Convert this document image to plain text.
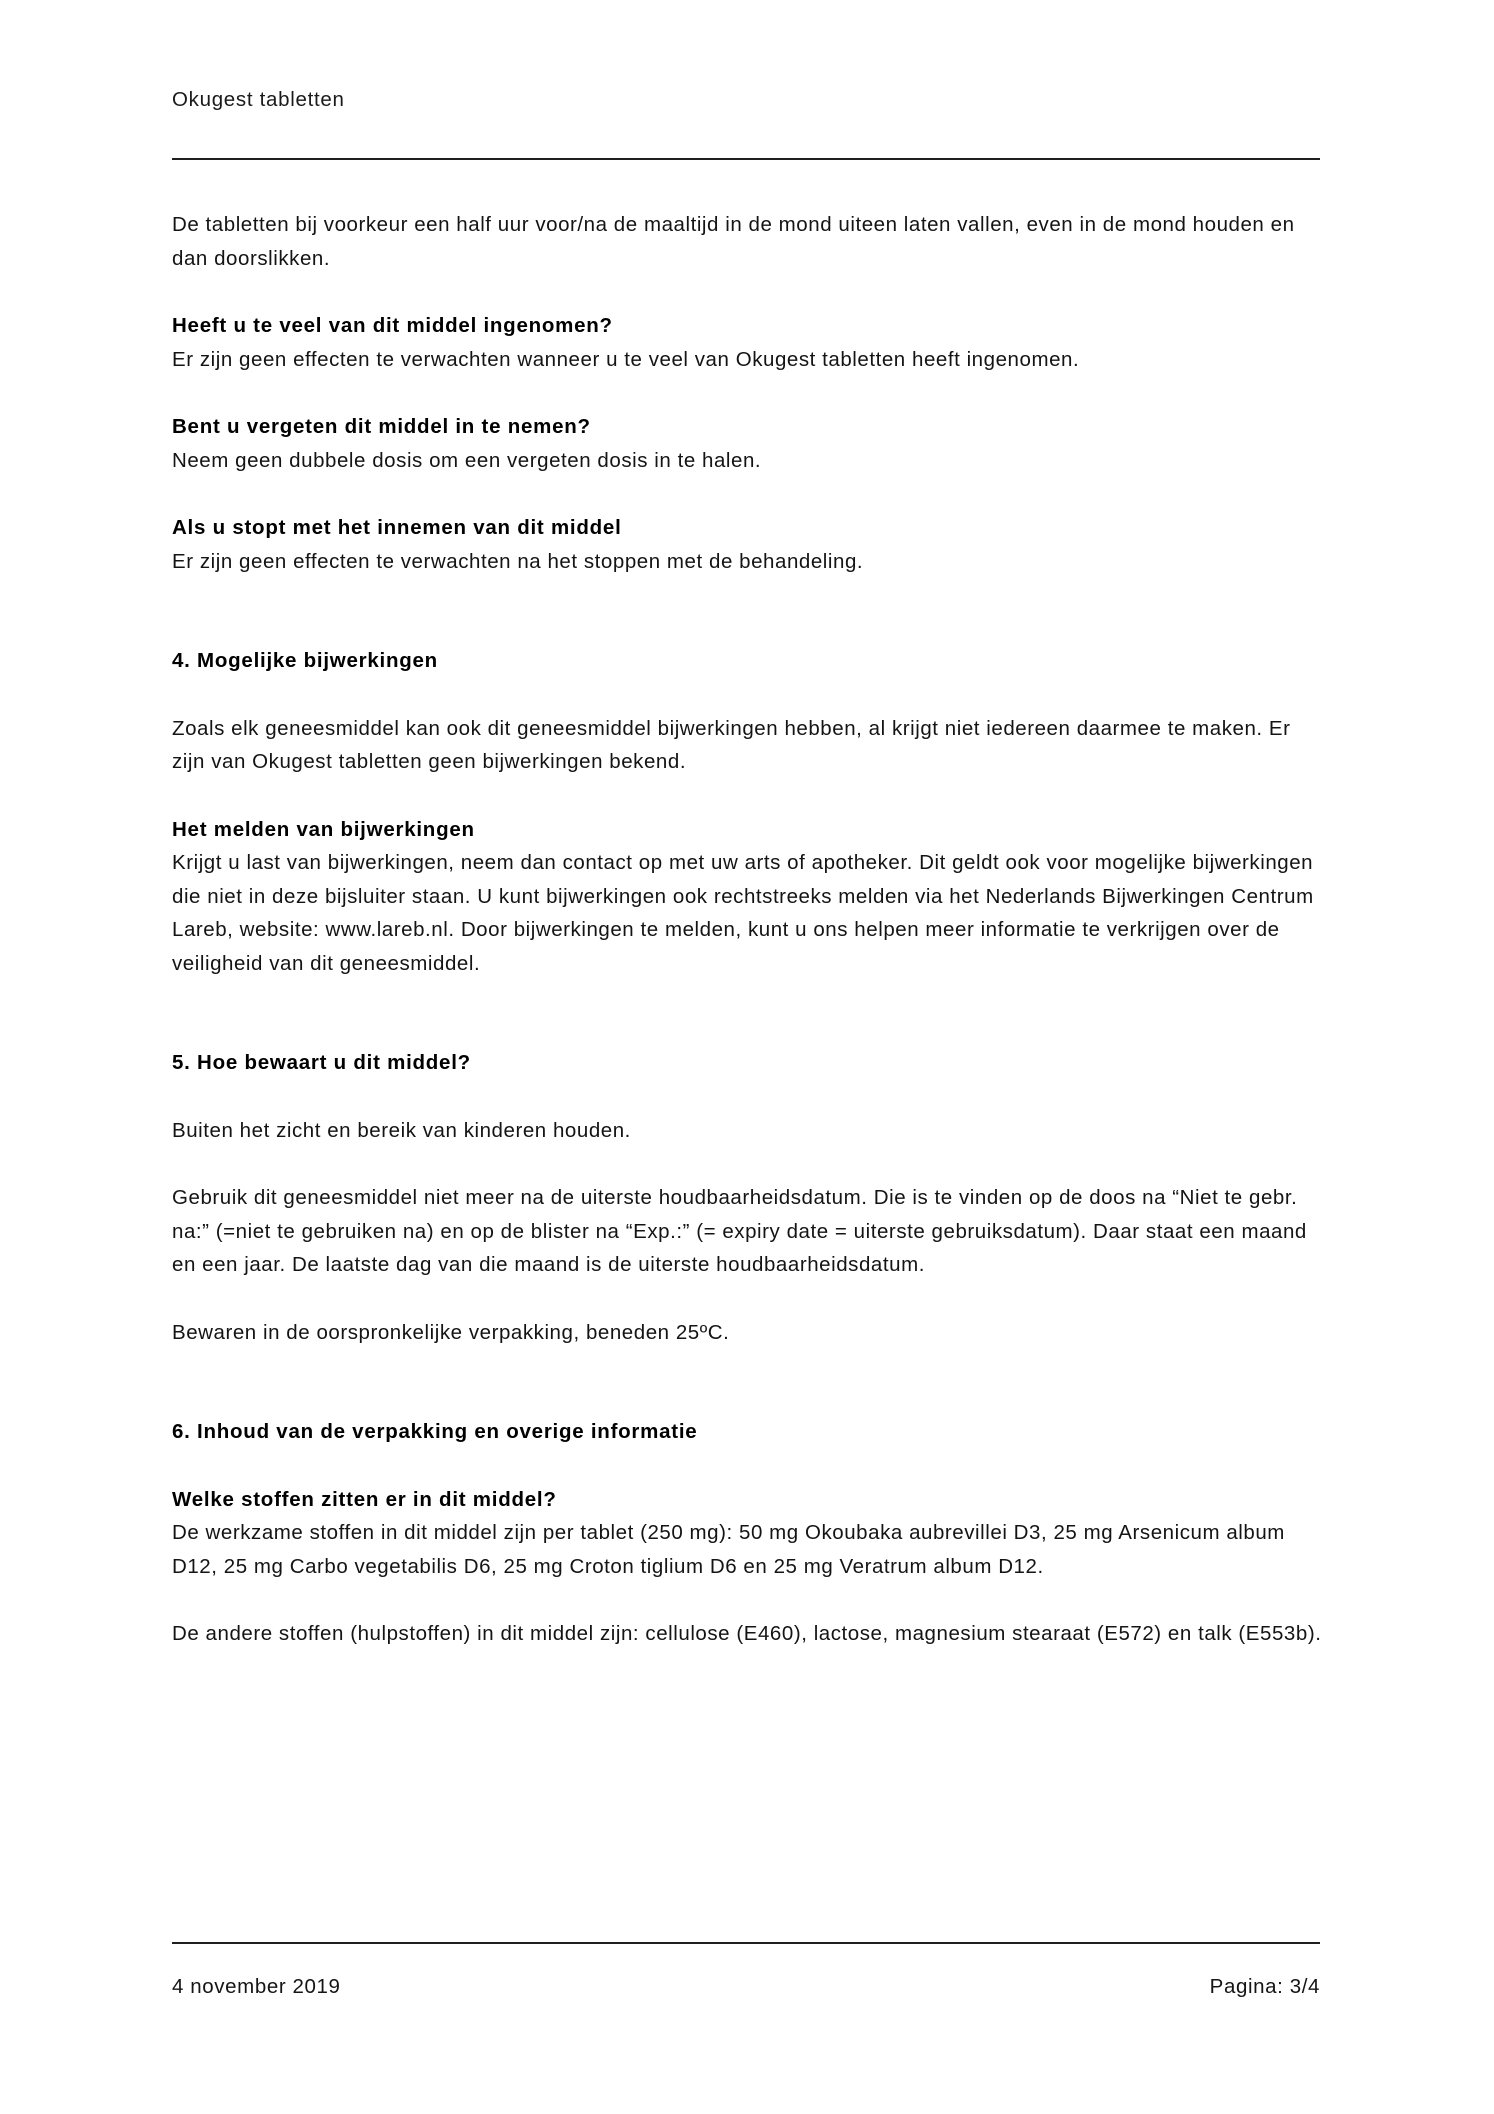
Okugest tabletten

De tabletten bij voorkeur een half uur voor/na de maaltijd in de mond uiteen laten vallen, even in de mond houden en dan doorslikken.

Heeft u te veel van dit middel ingenomen?

Er zijn geen effecten te verwachten wanneer u te veel van Okugest tabletten heeft ingenomen.

Bent u vergeten dit middel in te nemen?

Neem geen dubbele dosis om een vergeten dosis in te halen.

Als u stopt met het innemen van dit middel

Er zijn geen effecten te verwachten na het stoppen met de behandeling.

4. Mogelijke bijwerkingen

Zoals elk geneesmiddel kan ook dit geneesmiddel bijwerkingen hebben, al krijgt niet iedereen daarmee te maken. Er zijn van Okugest tabletten geen bijwerkingen bekend.

Het melden van bijwerkingen

Krijgt u last van bijwerkingen, neem dan contact op met uw arts of apotheker. Dit geldt ook voor mogelijke bijwerkingen die niet in deze bijsluiter staan. U kunt bijwerkingen ook rechtstreeks melden via het Nederlands Bijwerkingen Centrum Lareb, website: www.lareb.nl. Door bijwerkingen te melden, kunt u ons helpen meer informatie te verkrijgen over de veiligheid van dit geneesmiddel.

5. Hoe bewaart u dit middel?

Buiten het zicht en bereik van kinderen houden.

Gebruik dit geneesmiddel niet meer na de uiterste houdbaarheidsdatum. Die is te vinden op de doos na “Niet te gebr. na:” (=niet te gebruiken na) en op de blister na “Exp.:” (= expiry date = uiterste gebruiksdatum). Daar staat een maand en een jaar. De laatste dag van die maand is de uiterste houdbaarheidsdatum.

Bewaren in de oorspronkelijke verpakking, beneden 25ºC.

6. Inhoud van de verpakking en overige informatie
Welke stoffen zitten er in dit middel?

De werkzame stoffen in dit middel zijn per tablet (250 mg): 50 mg Okoubaka aubrevillei D3, 25 mg Arsenicum album D12, 25 mg Carbo vegetabilis D6, 25 mg Croton tiglium D6 en 25 mg Veratrum album D12.

De andere stoffen (hulpstoffen) in dit middel zijn: cellulose (E460), lactose, magnesium stearaat (E572) en talk (E553b).

4 november 2019	Pagina: 3/4
